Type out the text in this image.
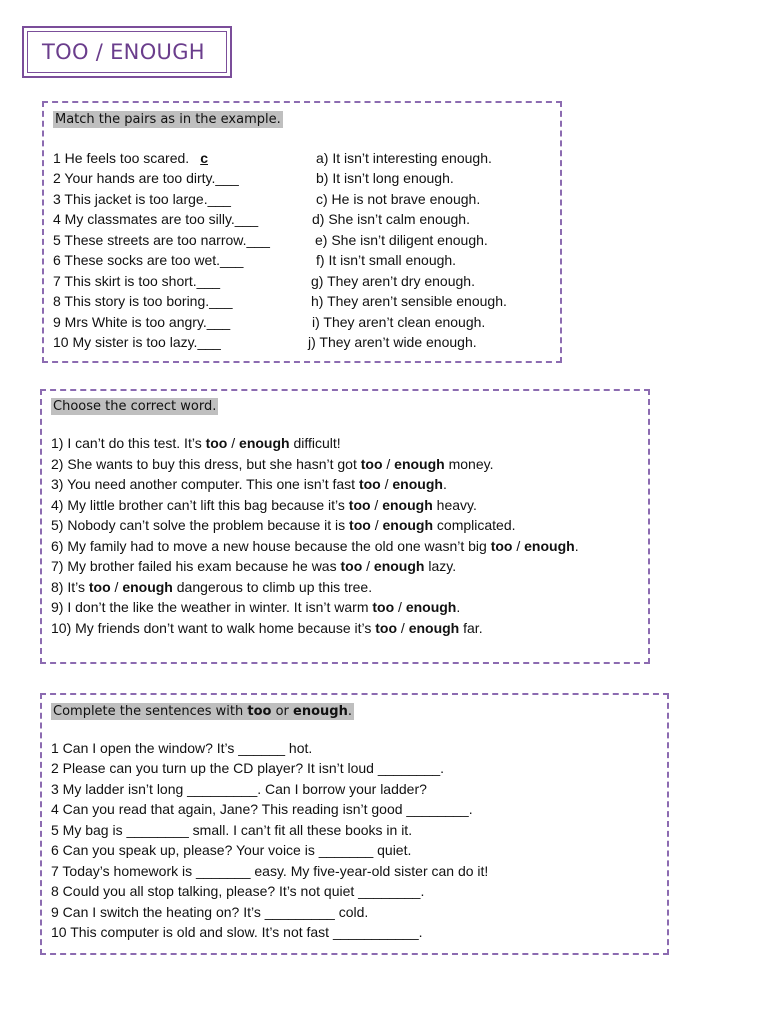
TOO / ENOUGH
Match the pairs as in the example.
1 He feels too scared. c
2 Your hands are too dirty.___
3 This jacket is too large.___
4 My classmates are too silly.___
5 These streets are too narrow.___
6 These socks are too wet.___
7 This skirt is too short.___
8 This story is too boring.___
9 Mrs White is too angry.___
10 My sister is too lazy.___
a) It isn’t interesting enough.
b) It isn’t long enough.
c) He is not brave enough.
d) She isn’t calm enough.
e) She isn’t diligent enough.
f) It isn’t small enough.
g) They aren’t dry enough.
h) They aren’t sensible enough.
i) They aren’t clean enough.
j) They aren’t wide enough.
Choose the correct word.
1) I can’t do this test. It’s too / enough difficult!
2) She wants to buy this dress, but she hasn’t got too / enough money.
3) You need another computer. This one isn’t fast too / enough.
4) My little brother can’t lift this bag because it’s too / enough heavy.
5) Nobody can’t solve the problem because it is too / enough complicated.
6) My family had to move a new house because the old one wasn’t big too / enough.
7) My brother failed his exam because he was too / enough lazy.
8) It’s too / enough dangerous to climb up this tree.
9) I don’t the like the weather in winter. It isn’t warm too / enough.
10) My friends don’t want to walk home because it’s too / enough far.
Complete the sentences with too or enough.
1 Can I open the window? It’s ______ hot.
2 Please can you turn up the CD player? It isn’t loud ________.
3 My ladder isn’t long _________. Can I borrow your ladder?
4 Can you read that again, Jane? This reading isn’t good ________.
5 My bag is ________ small. I can’t fit all these books in it.
6 Can you speak up, please? Your voice is _______ quiet.
7 Today’s homework is _______ easy. My five-year-old sister can do it!
8 Could you all stop talking, please? It’s not quiet ________.
9 Can I switch the heating on? It’s _________ cold.
10 This computer is old and slow. It’s not fast ___________.
